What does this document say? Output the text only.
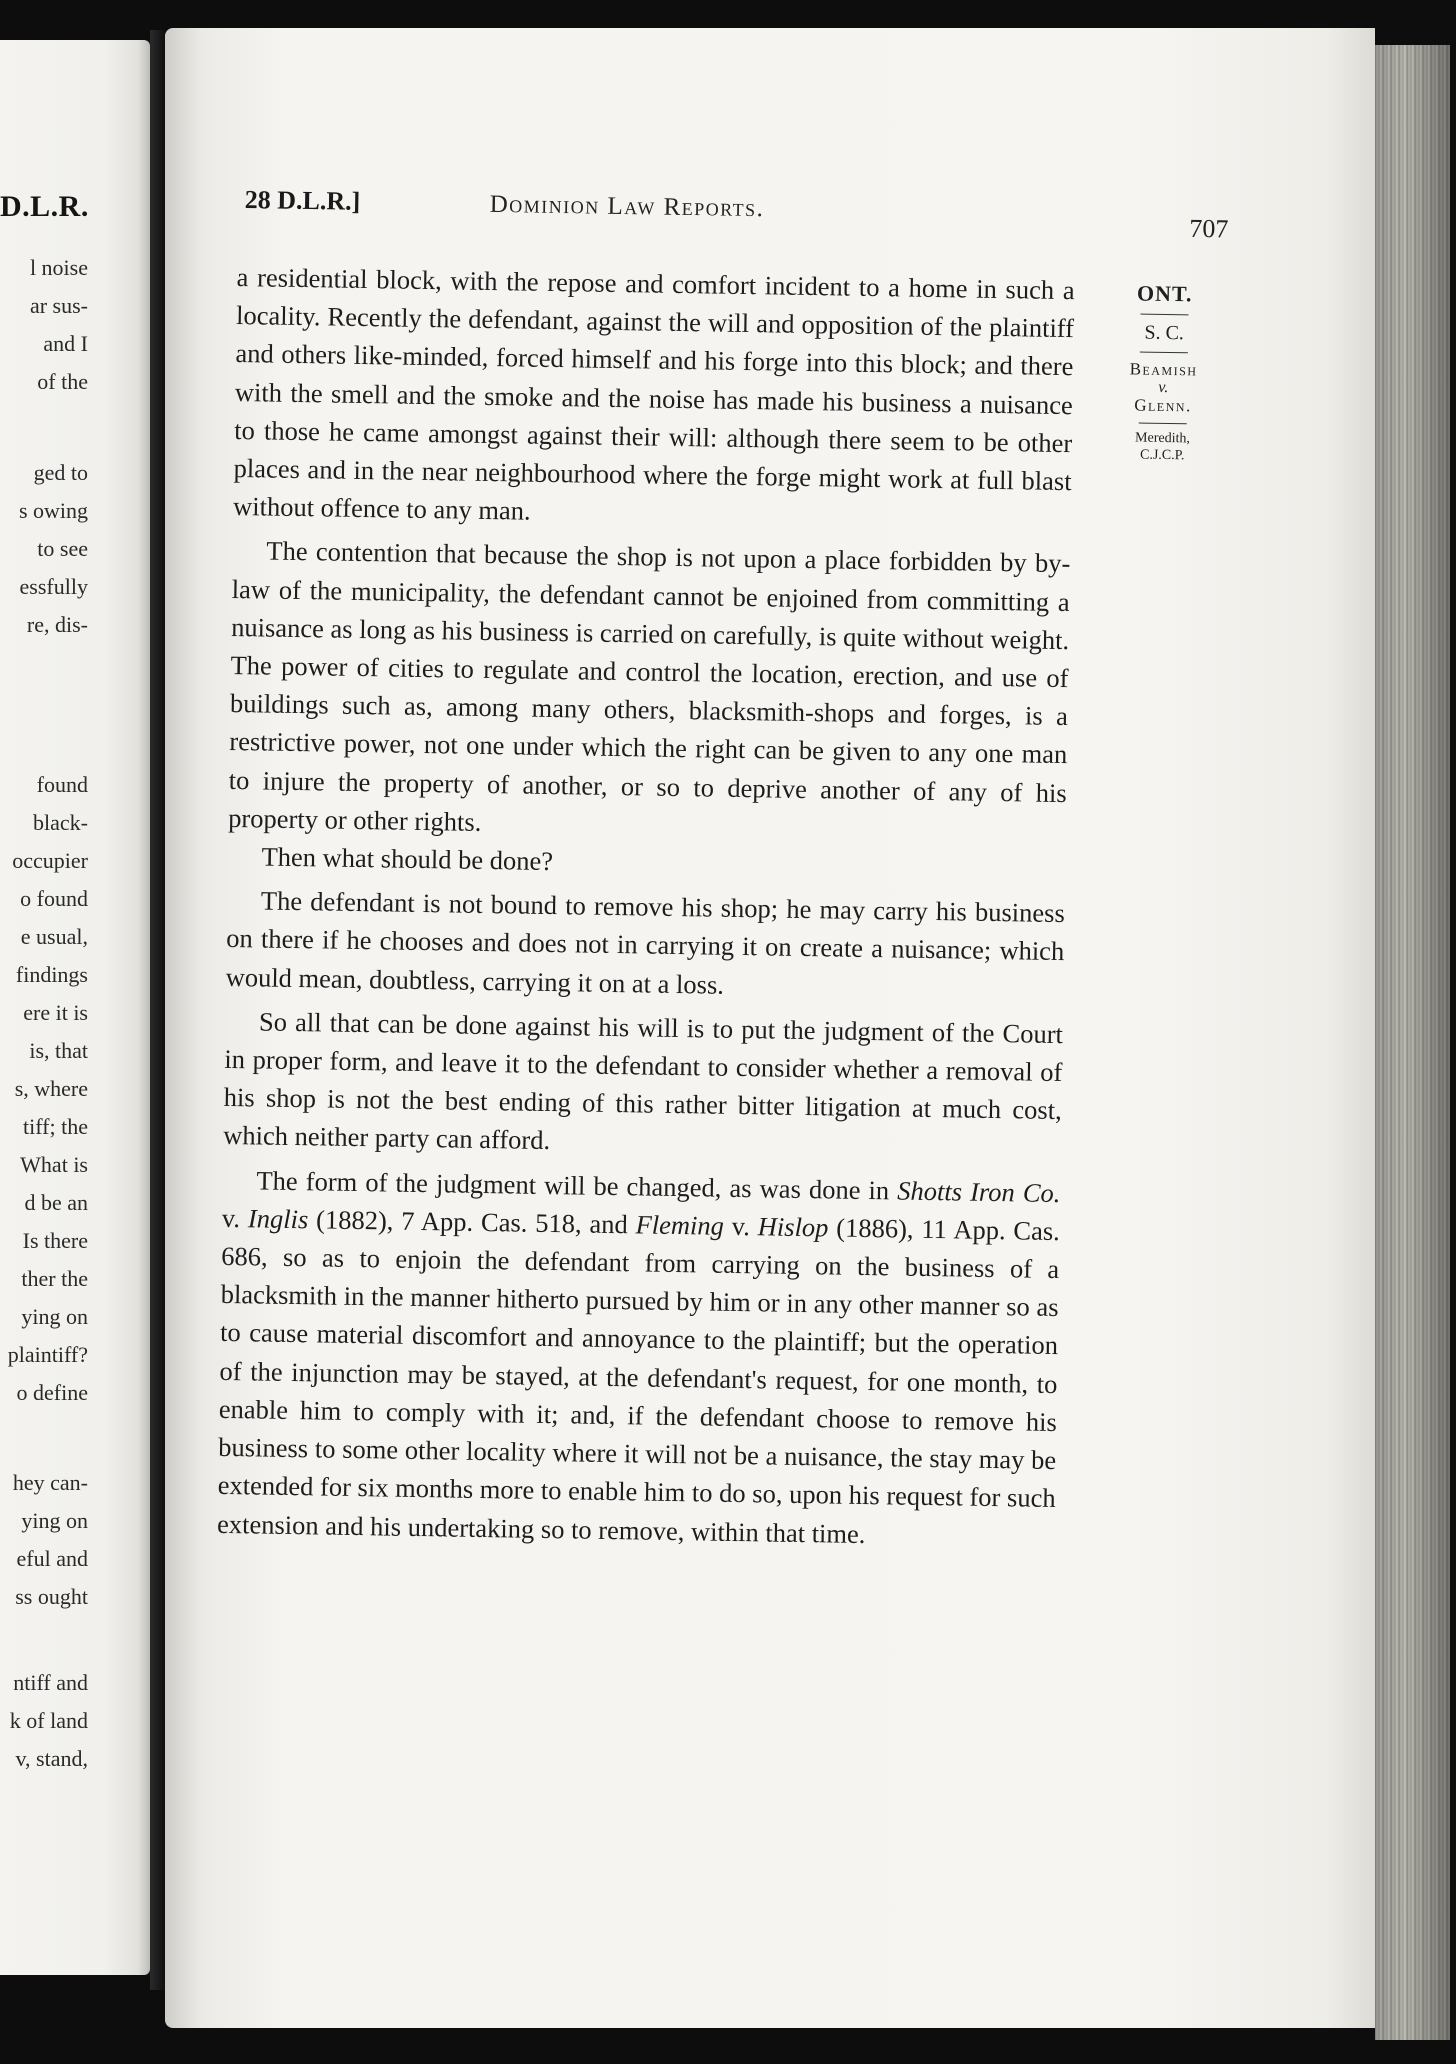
D.L.R.
l noise
ar sus-
and I
of the
ged to
s owing
to see
essfully
re, dis-
found
black-
occupier
o found
e usual,
findings
ere it is
is, that
s, where
tiff; the
What is
d be an
Is there
ther the
ying on
plaintiff?
o define
hey can-
ying on
eful and
ss ought
ntiff and
k of land
v, stand,
28 D.L.R.]	Dominion Law Reports.
707
ONT.
S. C.
Beamish
v.
Glenn.
Meredith,
C.J.C.P.

a residential block, with the repose and comfort incident to a home in such a locality. Recently the defendant, against the will and opposition of the plaintiff and others like-minded, forced himself and his forge into this block; and there with the smell and the smoke and the noise has made his business a nuisance to those he came amongst against their will: although there seem to be other places and in the near neighbourhood where the forge might work at full blast without offence to any man.

The contention that because the shop is not upon a place forbidden by by-law of the municipality, the defendant cannot be enjoined from committing a nuisance as long as his business is carried on carefully, is quite without weight. The power of cities to regulate and control the location, erection, and use of buildings such as, among many others, blacksmith-shops and forges, is a restrictive power, not one under which the right can be given to any one man to injure the property of another, or so to deprive another of any of his property or other rights.

Then what should be done?

The defendant is not bound to remove his shop; he may carry his business on there if he chooses and does not in carrying it on create a nuisance; which would mean, doubtless, carrying it on at a loss.

So all that can be done against his will is to put the judgment of the Court in proper form, and leave it to the defendant to consider whether a removal of his shop is not the best ending of this rather bitter litigation at much cost, which neither party can afford.

The form of the judgment will be changed, as was done in Shotts Iron Co. v. Inglis (1882), 7 App. Cas. 518, and Fleming v. Hislop (1886), 11 App. Cas. 686, so as to enjoin the defendant from carrying on the business of a blacksmith in the manner hitherto pursued by him or in any other manner so as to cause material discomfort and annoyance to the plaintiff; but the operation of the injunction may be stayed, at the defendant's request, for one month, to enable him to comply with it; and, if the defendant choose to remove his business to some other locality where it will not be a nuisance, the stay may be extended for six months more to enable him to do so, upon his request for such extension and his undertaking so to remove, within that time.
